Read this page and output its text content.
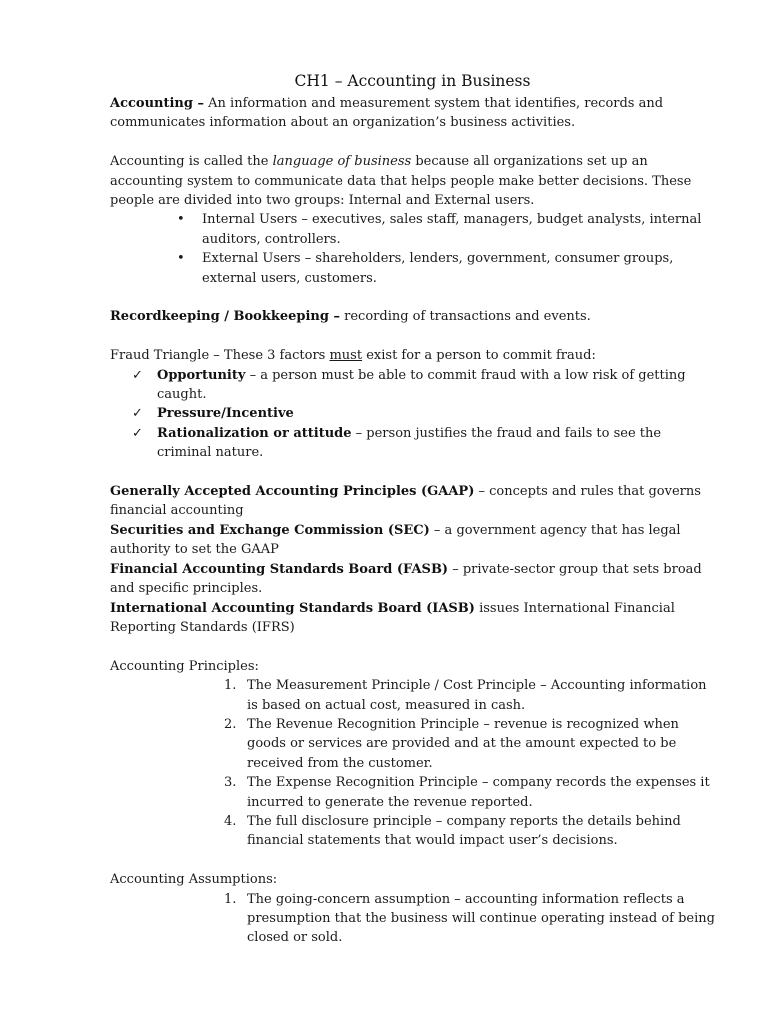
CH1 – Accounting in Business

Accounting – An information and measurement system that identifies, records and communicates information about an organization’s business activities.

Accounting is called the language of business because all organizations set up an accounting system to communicate data that helps people make better decisions. These people are divided into two groups: Internal and External users.

• Internal Users – executives, sales staff, managers, budget analysts, internal auditors, controllers.
• External Users – shareholders, lenders, government, consumer groups, external users, customers.

Recordkeeping / Bookkeeping – recording of transactions and events.

Fraud Triangle – These 3 factors must exist for a person to commit fraud:

✓ Opportunity – a person must be able to commit fraud with a low risk of getting caught.
✓ Pressure/Incentive
✓ Rationalization or attitude – person justifies the fraud and fails to see the criminal nature.

Generally Accepted Accounting Principles (GAAP) – concepts and rules that governs financial accounting

Securities and Exchange Commission (SEC) – a government agency that has legal authority to set the GAAP

Financial Accounting Standards Board (FASB) – private-sector group that sets broad and specific principles.

International Accounting Standards Board (IASB) issues International Financial Reporting Standards (IFRS)

Accounting Principles:

1. The Measurement Principle / Cost Principle – Accounting information is based on actual cost, measured in cash.
2. The Revenue Recognition Principle – revenue is recognized when goods or services are provided and at the amount expected to be received from the customer.
3. The Expense Recognition Principle – company records the expenses it incurred to generate the revenue reported.
4. The full disclosure principle – company reports the details behind financial statements that would impact user’s decisions.

Accounting Assumptions:

1. The going-concern assumption – accounting information reflects a presumption that the business will continue operating instead of being closed or sold.
